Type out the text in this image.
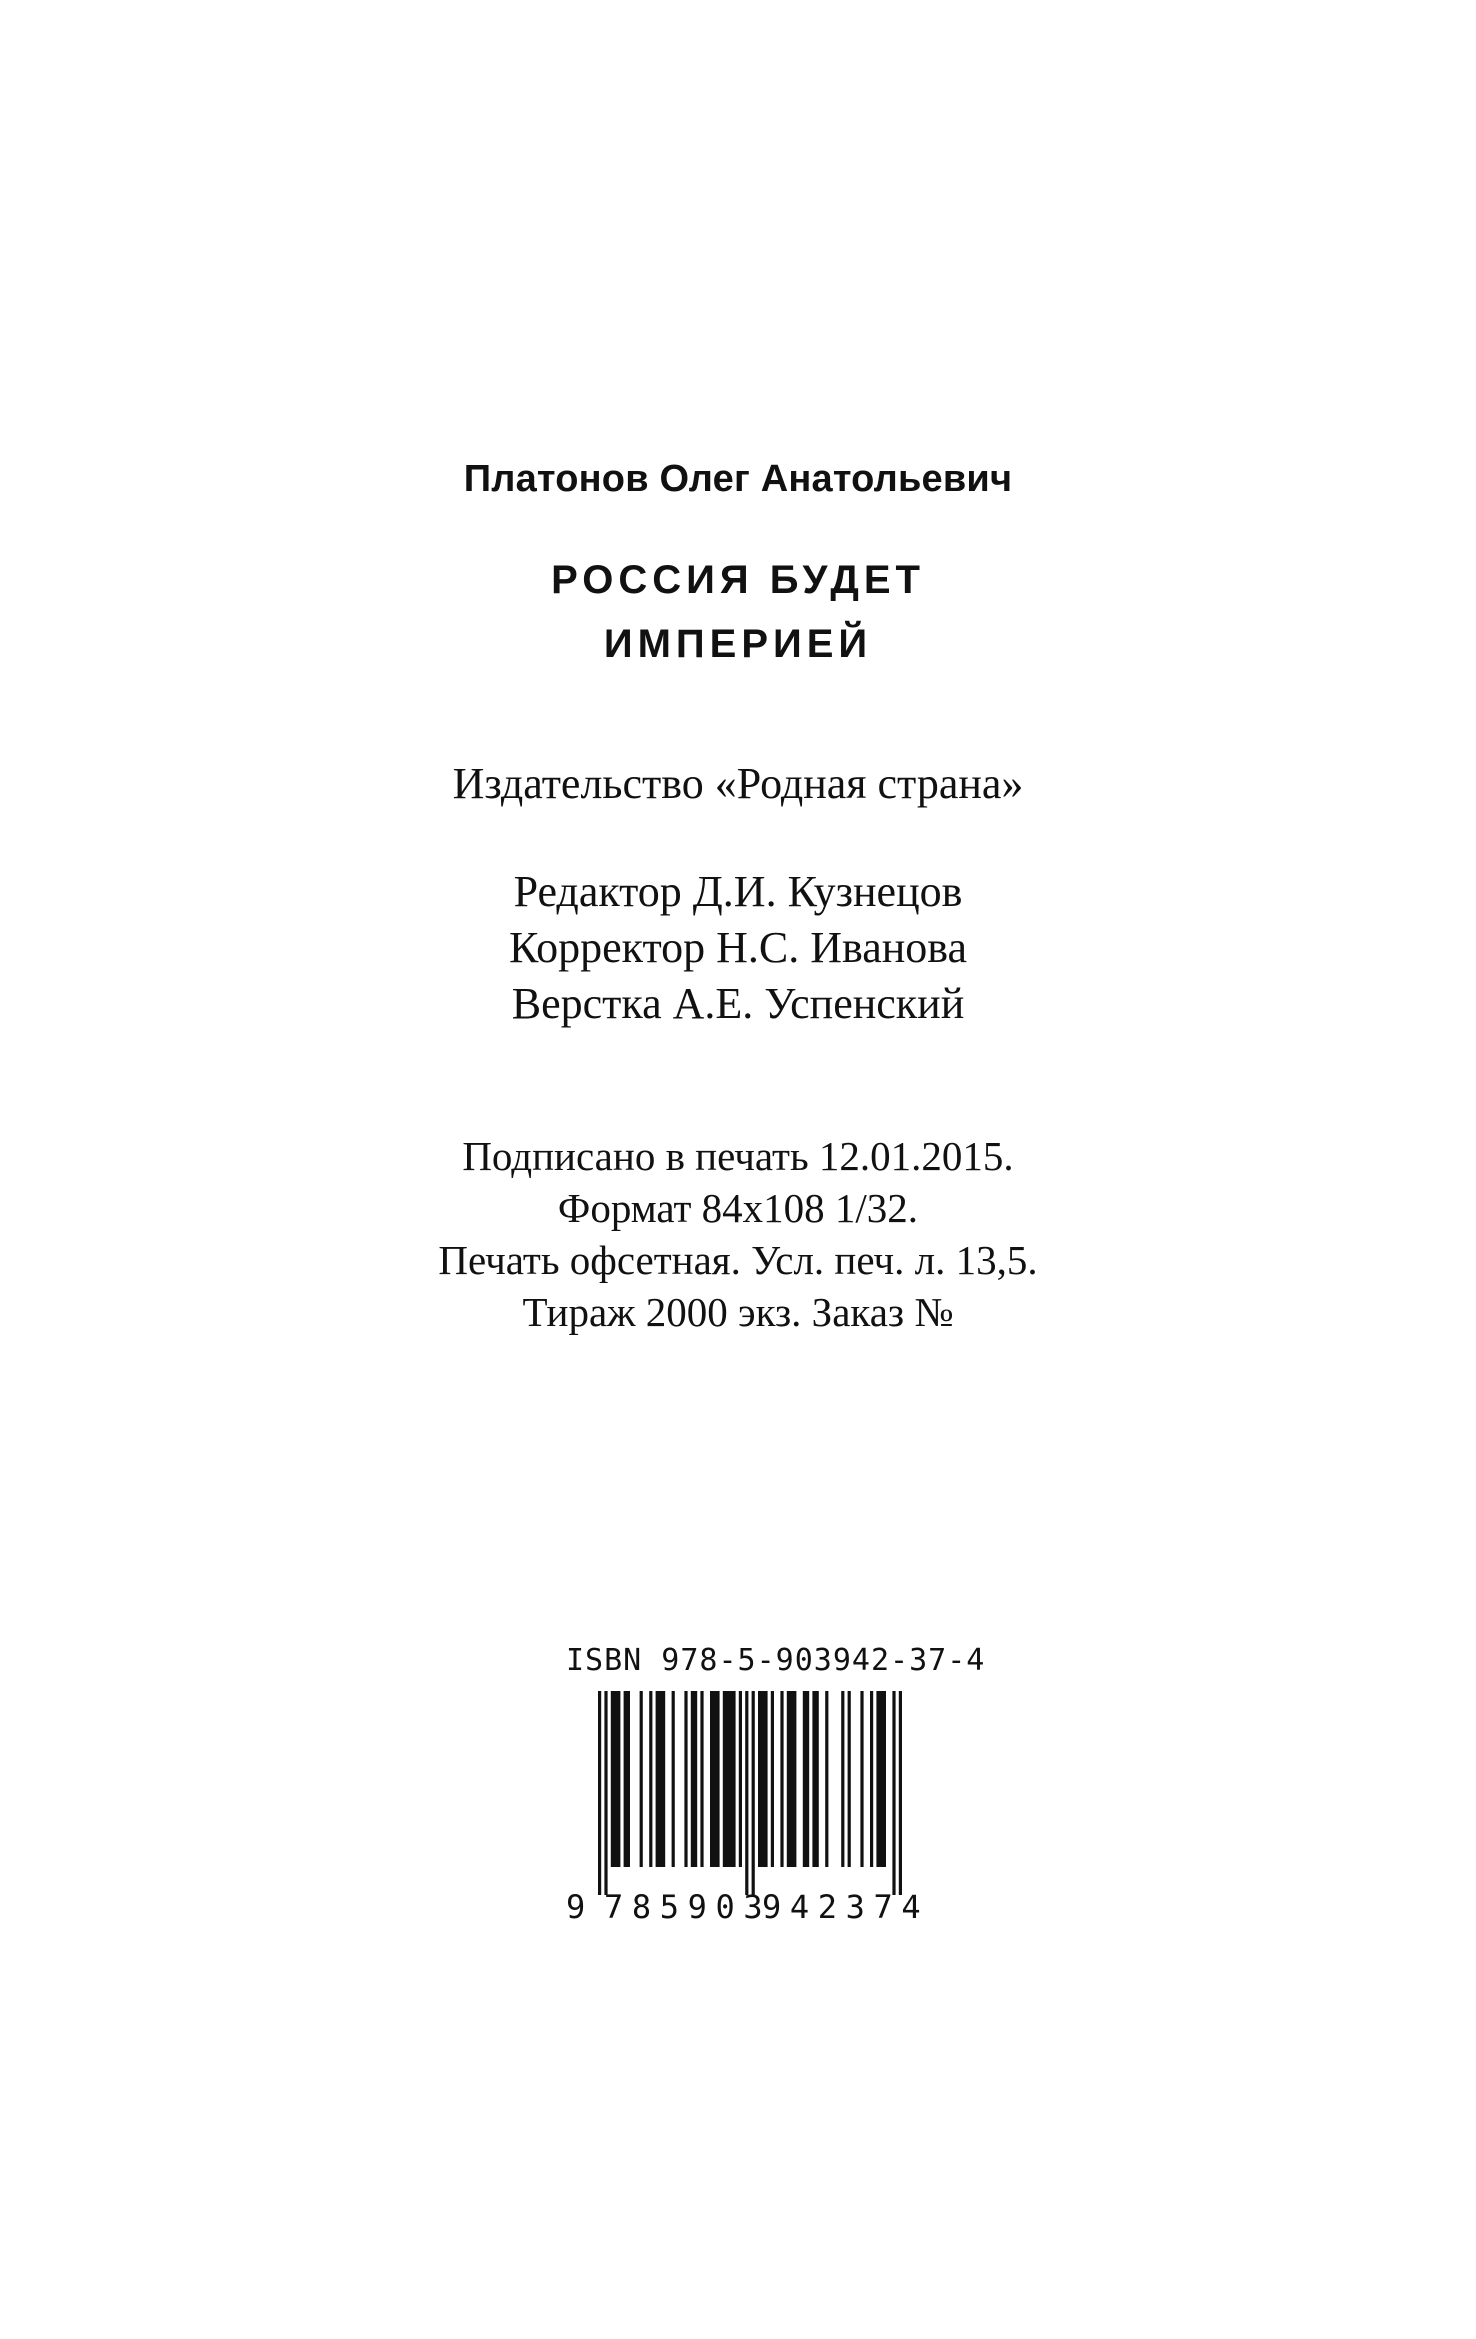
Платонов Олег Анатольевич
РОССИЯ БУДЕТ
ИМПЕРИЕЙ
Издательство «Родная страна»
Редактор Д.И. Кузнецов
Корректор Н.С. Иванова
Верстка А.Е. Успенский
Подписано в печать 12.01.2015.
Формат 84х108 1/32.
Печать офсетная. Усл. печ. л. 13,5.
Тираж 2000 экз. Заказ №
ISBN 978-5-903942-37-4
9 785903
942374
